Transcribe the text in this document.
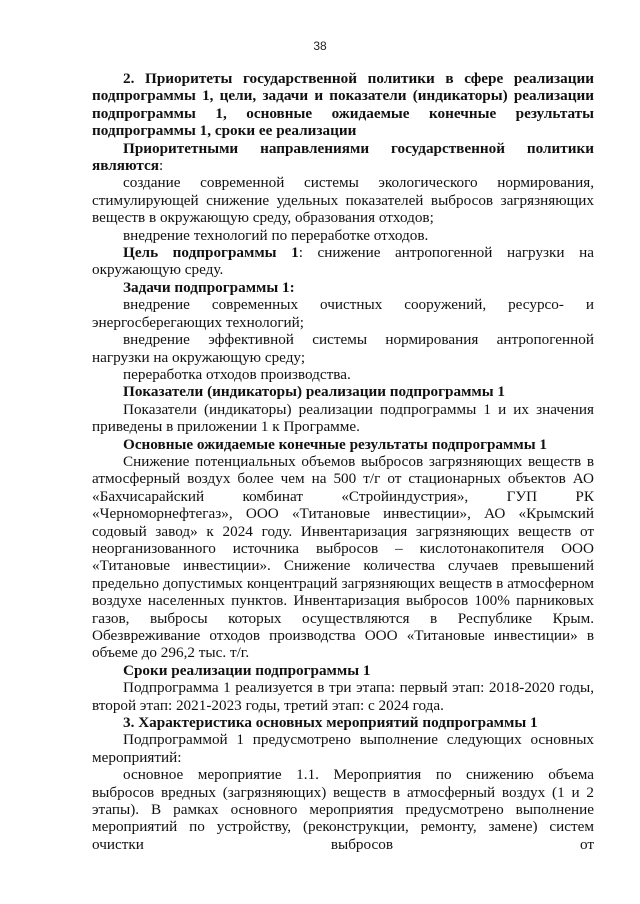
38

2. Приоритеты государственной политики в сфере реализации подпрограммы 1, цели, задачи и показатели (индикаторы) реализации подпрограммы 1, основные ожидаемые конечные результаты подпрограммы 1, сроки ее реализации

Приоритетными направлениями государственной политики являются:

создание современной системы экологического нормирования, стимулирующей снижение удельных показателей выбросов загрязняющих веществ в окружающую среду, образования отходов;

внедрение технологий по переработке отходов.

Цель подпрограммы 1: снижение антропогенной нагрузки на окружающую среду.

Задачи подпрограммы 1:

внедрение современных очистных сооружений, ресурсо- и энергосберегающих технологий;

внедрение эффективной системы нормирования антропогенной нагрузки на окружающую среду;

переработка отходов производства.

Показатели (индикаторы) реализации подпрограммы 1

Показатели (индикаторы) реализации подпрограммы 1 и их значения приведены в приложении 1 к Программе.

Основные ожидаемые конечные результаты подпрограммы 1

Снижение потенциальных объемов выбросов загрязняющих веществ в атмосферный воздух более чем на 500 т/г от стационарных объектов АО «Бахчисарайский комбинат «Стройиндустрия», ГУП РК «Черноморнефтегаз», ООО «Титановые инвестиции», АО «Крымский содовый завод» к 2024 году. Инвентаризация загрязняющих веществ от неорганизованного источника выбросов – кислотонакопителя ООО «Титановые инвестиции». Снижение количества случаев превышений предельно допустимых концентраций загрязняющих веществ в атмосферном воздухе населенных пунктов. Инвентаризация выбросов 100% парниковых газов, выбросы которых осуществляются в Республике Крым. Обезвреживание отходов производства ООО «Титановые инвестиции» в объеме до 296,2 тыс. т/г.

Сроки реализации подпрограммы 1

Подпрограмма 1 реализуется в три этапа: первый этап: 2018-2020 годы, второй этап: 2021-2023 годы, третий этап: с 2024 года.

3. Характеристика основных мероприятий подпрограммы 1

Подпрограммой 1 предусмотрено выполнение следующих основных мероприятий:

основное мероприятие 1.1. Мероприятия по снижению объема выбросов вредных (загрязняющих) веществ в атмосферный воздух (1 и 2 этапы). В рамках основного мероприятия предусмотрено выполнение мероприятий по устройству, (реконструкции, ремонту, замене) систем очистки выбросов от
